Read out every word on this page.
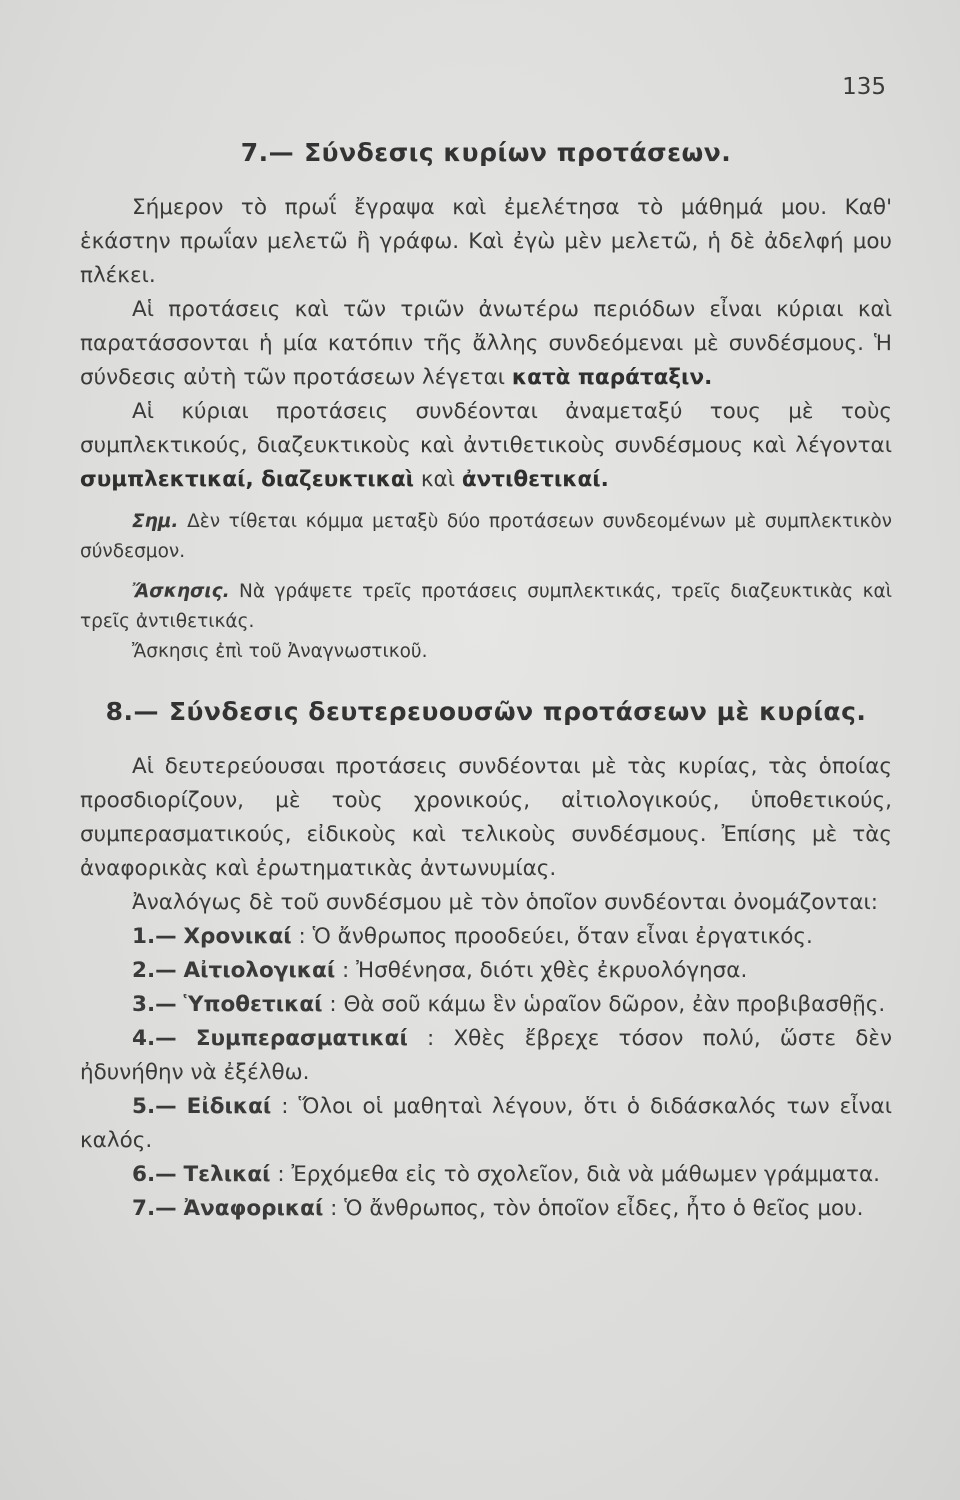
135
7.— Σύνδεσις κυρίων προτάσεων.

Σήμερον τὸ πρωΐ ἔγραψα καὶ ἐμελέτησα τὸ μάθημά μου. Καθ' ἑκάστην πρωΐαν μελετῶ ἢ γράφω. Καὶ ἐγὼ μὲν μελετῶ, ἡ δὲ ἀδελφή μου πλέκει.

Αἱ προτάσεις καὶ τῶν τριῶν ἀνωτέρω περιόδων εἶναι κύριαι καὶ παρατάσσονται ἡ μία κατόπιν τῆς ἄλλης συνδεόμεναι μὲ συνδέσμους. Ἡ σύνδεσις αὐτὴ τῶν προτάσεων λέγεται κατὰ παράταξιν.

Αἱ κύριαι προτάσεις συνδέονται ἀναμεταξύ τους μὲ τοὺς συμπλεκτικούς, διαζευκτικοὺς καὶ ἀντιθετικοὺς συνδέσμους καὶ λέγονται συμπλεκτικαί, διαζευκτικαὶ καὶ ἀντιθετικαί.

Σημ. Δὲν τίθεται κόμμα μεταξὺ δύο προτάσεων συνδεομένων μὲ συμπλεκτικὸν σύνδεσμον.

Ἄσκησις. Νὰ γράψετε τρεῖς προτάσεις συμπλεκτικάς, τρεῖς διαζευκτικὰς καὶ τρεῖς ἀντιθετικάς.

Ἄσκησις ἐπὶ τοῦ Ἀναγνωστικοῦ.

8.— Σύνδεσις δευτερευουσῶν προτάσεων μὲ κυρίας.

Αἱ δευτερεύουσαι προτάσεις συνδέονται μὲ τὰς κυρίας, τὰς ὁποίας προσδιορίζουν, μὲ τοὺς χρονικούς, αἰτιολογικούς, ὑποθετικούς, συμπερασματικούς, εἰδικοὺς καὶ τελικοὺς συνδέσμους. Ἐπίσης μὲ τὰς ἀναφορικὰς καὶ ἐρωτηματικὰς ἀντωνυμίας.

Ἀναλόγως δὲ τοῦ συνδέσμου μὲ τὸν ὁποῖον συνδέονται ὀνομάζονται:

1.— Χρονικαί : Ὁ ἄνθρωπος προοδεύει, ὅταν εἶναι ἐργατικός.

2.— Αἰτιολογικαί : Ἠσθένησα, διότι χθὲς ἐκρυολόγησα.

3.— Ὑποθετικαί : Θὰ σοῦ κάμω ἓν ὡραῖον δῶρον, ἐὰν προβιβασθῇς.

4.— Συμπερασματικαί : Χθὲς ἔβρεχε τόσον πολύ, ὥστε δὲν ἠδυνήθην νὰ ἐξέλθω.

5.— Εἰδικαί : Ὅλοι οἱ μαθηταὶ λέγουν, ὅτι ὁ διδάσκαλός των εἶναι καλός.

6.— Τελικαί : Ἐρχόμεθα εἰς τὸ σχολεῖον, διὰ νὰ μάθωμεν γράμματα.

7.— Ἀναφορικαί : Ὁ ἄνθρωπος, τὸν ὁποῖον εἶδες, ἦτο ὁ θεῖος μου.
